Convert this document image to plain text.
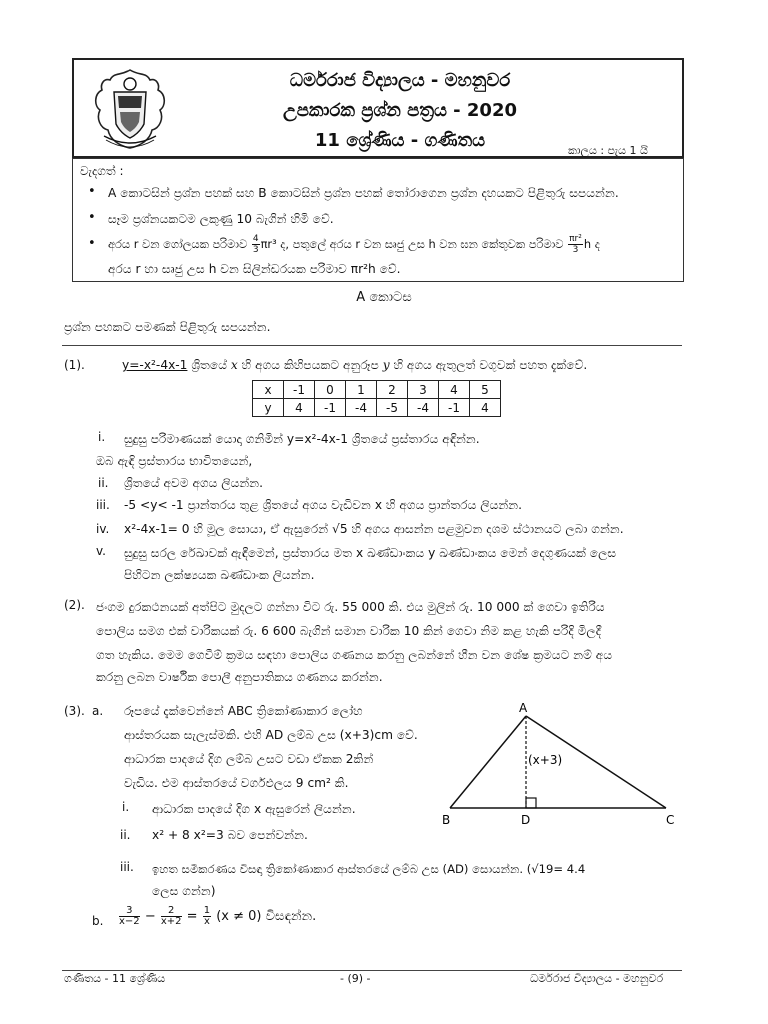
ධර්මරාජ විද්‍යාලය - මහනුවර
උපකාරක ප්‍රශ්න පත්‍රය - 2020
11 ශ්‍රේණිය - ගණිතය	කාලය : පැය 1 යි
වැදගත් :
• A කොටසින් ප්‍රශ්න පහක් සහ B කොටසින් ප්‍රශ්න පහක් තෝරාගෙන ප්‍රශ්න දහයකට පිළිතුරු සපයන්න.
• සෑම ප්‍රශ්නයකටම ලකුණු 10 බැගින් හිමි වේ.
• අරය r වන ගෝලයක පරිමාව $\frac{4}{3} \pi r^3$ ද, පතුලේ අරය r වන සෘජු උස h වන ඝන කේතුවක පරිමාව $\frac{\text{πr²}}{3}$ h ද
අරය r හා සෘජු උස h වන සිලින්ඩරයක පරිමාව πr²h වේ.
A කොටස
ප්‍රශ්න පහකට පමණක් පිළිතුරු සපයන්න.
(1).	y=-x²-4x-1 ශ්‍රිතයේ x හි අගය කිහිපයකට අනුරූප y හි අගය ඇතුලත් වගුවක් පහත දැක්වේ.
x	-1	0	1	2	3	4	5
y	4	-1	-4	-5	-4	-1	4
i. සුදුසු පරිමාණයක් යොදා ගනිමින් y=x²-4x-1 ශ්‍රිතයේ ප්‍රස්තාරය අඳින්න.
ඔබ ඇඳි ප්‍රස්තාරය භාවිතයෙන්,
ii. ශ්‍රිතයේ අවම අගය ලියන්න.
iii. -5 <y< -1 ප්‍රාන්තරය තුළ ශ්‍රිතයේ අගය වැඩිවන x හි අගය ප්‍රාන්තරය ලියන්න.
iv. x²-4x-1= 0 හි මූල සොයා, ඒ ඇසුරෙන් √5 හි අගය ආසන්න පළමුවන දශම ස්ථානයට ලබා ගන්න.
v. සුදුසු සරල රේඛාවක් ඇඳීමෙන්, ප්‍රස්තාරය මත x ඛණ්ඩාංකය y ඛණ්ඩාංකය මෙන් දෙගුණයක් ලෙස
පිහිටන ලක්ෂ්‍යයක ඛණ්ඩාංක ලියන්න.
(2). ජංගම දුරකථනයක් අත්පිට මුදලට ගන්නා විට රු. 55 000 කි. එය මුලින් රු. 10 000 ක් ගෙවා ඉතිරිය
පොලිය සමග එක් වාරිකයක් රු. 6 600 බැගින් සමාන වාරික 10 කින් ගෙවා නිම කළ හැකි පරිදි මිලදී
ගත හැකිය. මෙම ගෙවීම් ක්‍රමය සඳහා පොලිය ගණනය කරනු ලබන්නේ හීන වන ශේෂ ක්‍රමයට නම් අය
කරනු ලබන වාර්ෂික පොලී අනුපාතිකය ගණනය කරන්න.
(3). a. රූපයේ දැක්වෙන්නේ ABC ත්‍රිකෝණාකාර ලෝහ
ආස්තරයක සැලැස්මකි. එහි AD ලම්බ උස (x+3)cm වේ.
ආධාරක පාදයේ දිග ලම්බ උසට වඩා ඒකක 2කින්
වැඩිය. එම ආස්තරයේ වර්ගඵලය 9 cm² කි.
A
B	C
D
(x+3)
i. ආධාරක පාදයේ දිග x ඇසුරෙන් ලියන්න.
ii. x² + 8 x²=3 බව පෙන්වන්න.
iii. ඉහත සමීකරණය විසඳා ත්‍රිකෝණාකාර ආස්තරයේ ලම්බ උස (AD) සොයන්න. (√19= 4.4
ලෙස ගන්න)
b. $\frac{3}{x-2} - \frac{2}{x+2} = \frac{1}{x} (x \ne 0)$ විසඳන්න.
ගණිතය - 11 ශ්‍රේණිය	- (9) -	ධර්මරාජ විද්‍යාලය - මහනුවර
